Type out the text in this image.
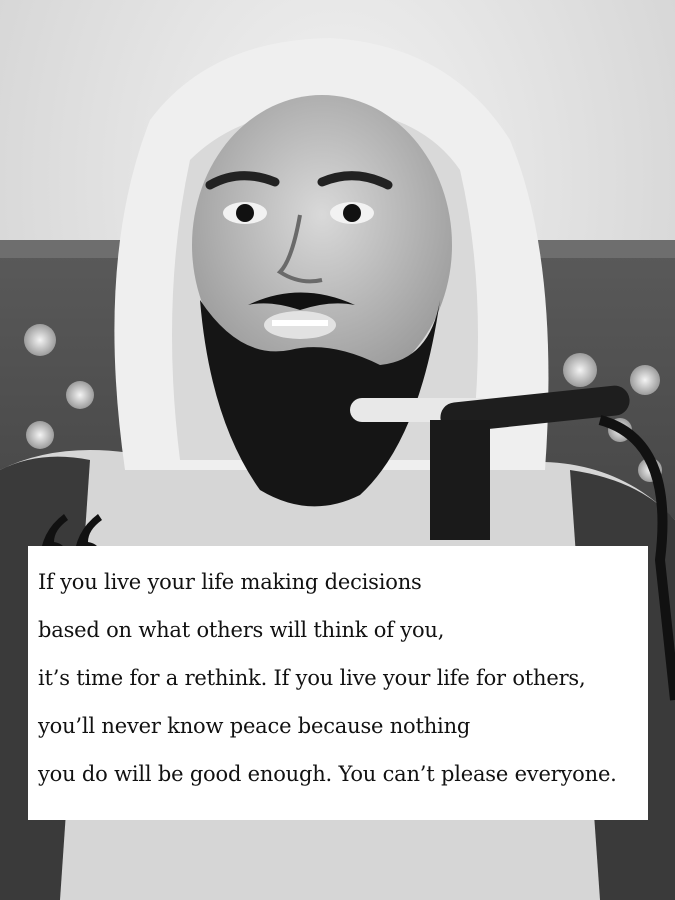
If you live your life making decisions
based on what others will think of you,
it’s time for a rethink. If you live your life for others,
you’ll never know peace because nothing
you do will be good enough. You can’t please everyone.
